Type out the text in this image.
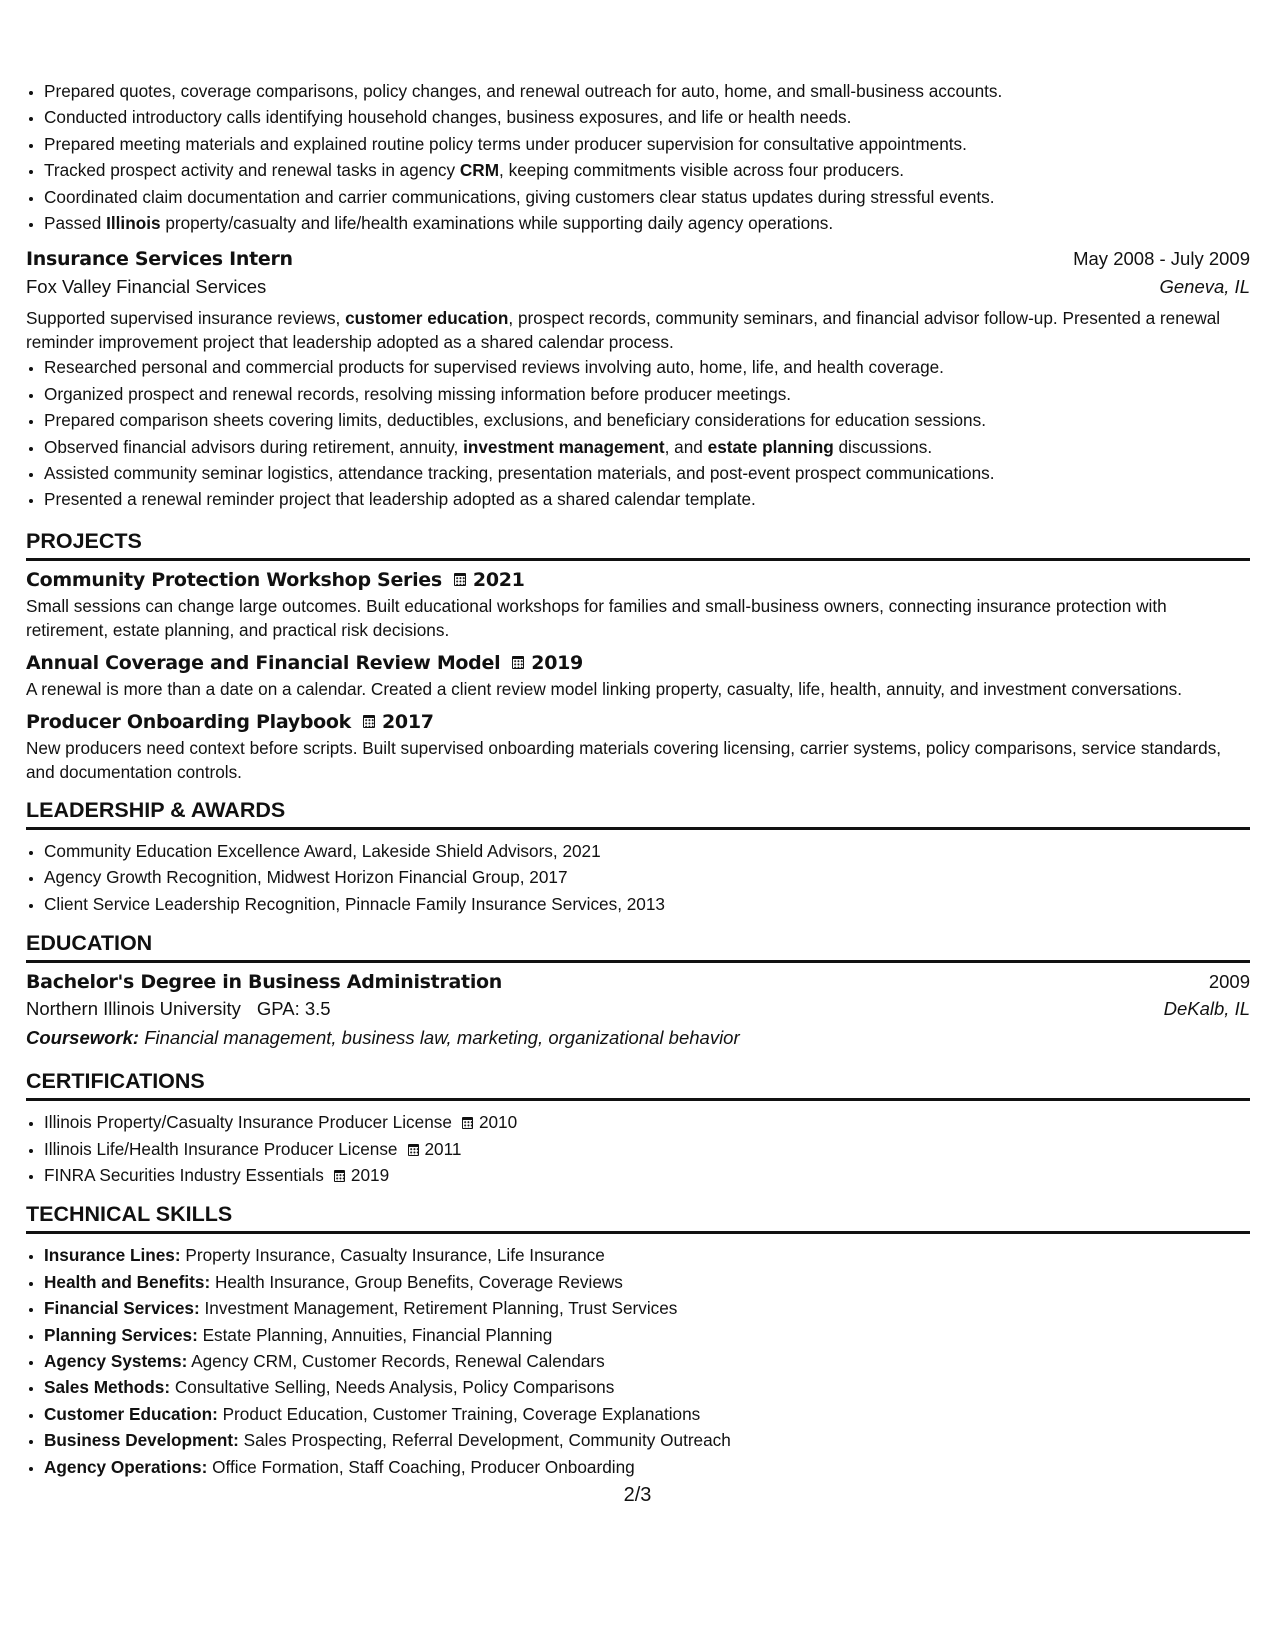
• Prepared quotes, coverage comparisons, policy changes, and renewal outreach for auto, home, and small-business accounts.
• Conducted introductory calls identifying household changes, business exposures, and life or health needs.
• Prepared meeting materials and explained routine policy terms under producer supervision for consultative appointments.
• Tracked prospect activity and renewal tasks in agency CRM, keeping commitments visible across four producers.
• Coordinated claim documentation and carrier communications, giving customers clear status updates during stressful events.
• Passed Illinois property/casualty and life/health examinations while supporting daily agency operations.
Insurance Services Intern	May 2008 - July 2009
Fox Valley Financial Services	Geneva, IL
Supported supervised insurance reviews, customer education, prospect records, community seminars, and financial advisor follow-up. Presented a renewal reminder improvement project that leadership adopted as a shared calendar process.
• Researched personal and commercial products for supervised reviews involving auto, home, life, and health coverage.
• Organized prospect and renewal records, resolving missing information before producer meetings.
• Prepared comparison sheets covering limits, deductibles, exclusions, and beneficiary considerations for education sessions.
• Observed financial advisors during retirement, annuity, investment management, and estate planning discussions.
• Assisted community seminar logistics, attendance tracking, presentation materials, and post-event prospect communications.
• Presented a renewal reminder project that leadership adopted as a shared calendar template.
PROJECTS
Community Protection Workshop Series 2021
Small sessions can change large outcomes. Built educational workshops for families and small-business owners, connecting insurance protection with retirement, estate planning, and practical risk decisions.
Annual Coverage and Financial Review Model 2019
A renewal is more than a date on a calendar. Created a client review model linking property, casualty, life, health, annuity, and investment conversations.
Producer Onboarding Playbook 2017
New producers need context before scripts. Built supervised onboarding materials covering licensing, carrier systems, policy comparisons, service standards, and documentation controls.
LEADERSHIP & AWARDS
• Community Education Excellence Award, Lakeside Shield Advisors, 2021
• Agency Growth Recognition, Midwest Horizon Financial Group, 2017
• Client Service Leadership Recognition, Pinnacle Family Insurance Services, 2013
EDUCATION
Bachelor's Degree in Business Administration	2009
Northern Illinois University GPA: 3.5	DeKalb, IL
Coursework: Financial management, business law, marketing, organizational behavior
CERTIFICATIONS
• Illinois Property/Casualty Insurance Producer License 2010
• Illinois Life/Health Insurance Producer License 2011
• FINRA Securities Industry Essentials 2019
TECHNICAL SKILLS
• Insurance Lines: Property Insurance, Casualty Insurance, Life Insurance
• Health and Benefits: Health Insurance, Group Benefits, Coverage Reviews
• Financial Services: Investment Management, Retirement Planning, Trust Services
• Planning Services: Estate Planning, Annuities, Financial Planning
• Agency Systems: Agency CRM, Customer Records, Renewal Calendars
• Sales Methods: Consultative Selling, Needs Analysis, Policy Comparisons
• Customer Education: Product Education, Customer Training, Coverage Explanations
• Business Development: Sales Prospecting, Referral Development, Community Outreach
• Agency Operations: Office Formation, Staff Coaching, Producer Onboarding
2/3
